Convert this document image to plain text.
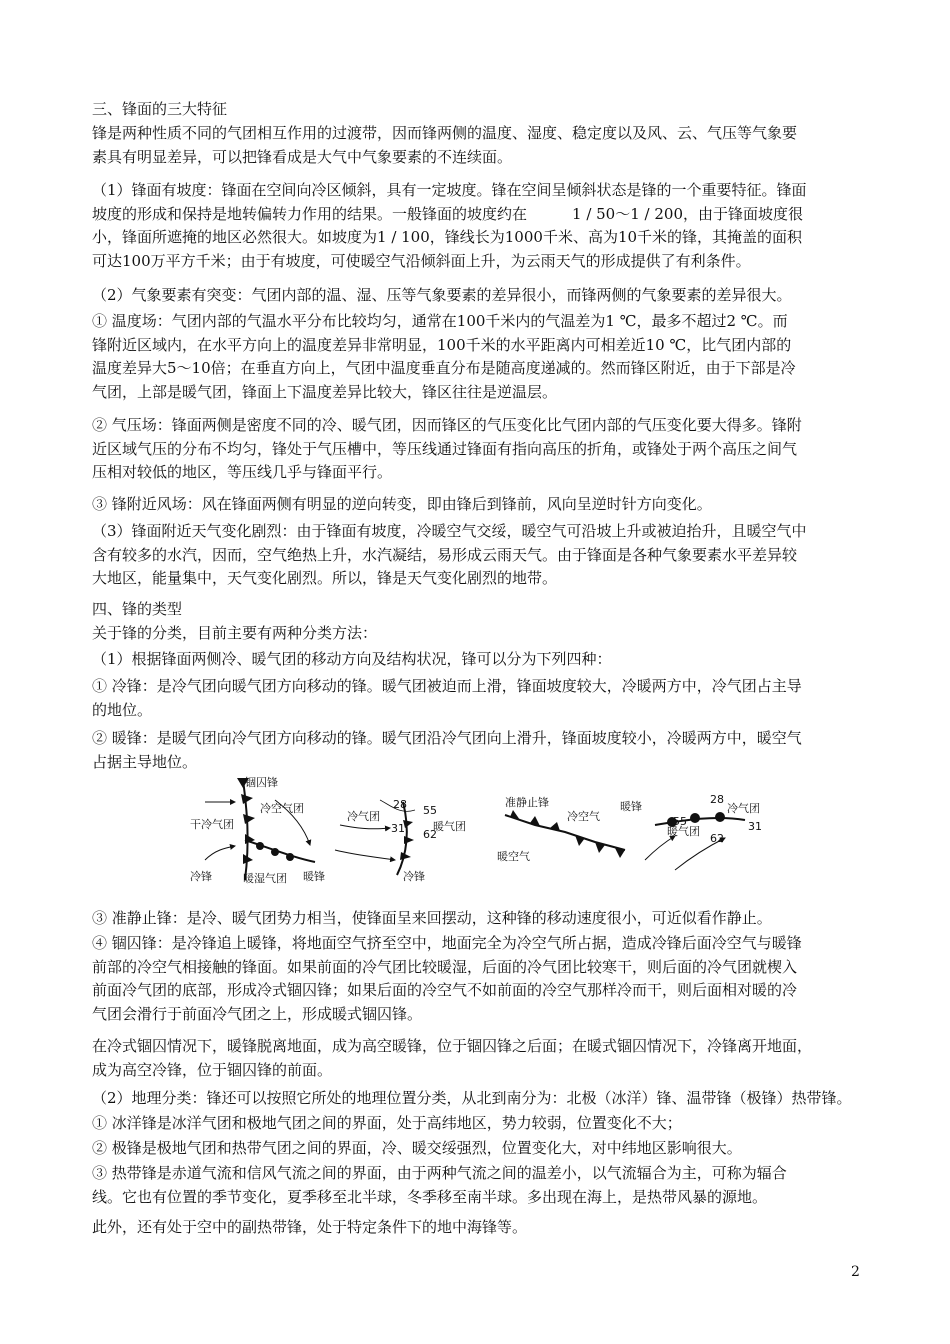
三、锋面的三大特征
锋是两种性质不同的气团相互作用的过渡带，因而锋两侧的温度、湿度、稳定度以及风、云、气压等气象要
素具有明显差异，可以把锋看成是大气中气象要素的不连续面。
（1）锋面有坡度：锋面在空间向冷区倾斜，具有一定坡度。锋在空间呈倾斜状态是锋的一个重要特征。锋面
坡度的形成和保持是地转偏转力作用的结果。一般锋面的坡度约在　　　1 / 50～1 / 200，由于锋面坡度很
小，锋面所遮掩的地区必然很大。如坡度为1 / 100，锋线长为1000千米、高为10千米的锋，其掩盖的面积
可达100万平方千米；由于有坡度，可使暖空气沿倾斜面上升，为云雨天气的形成提供了有利条件。
（2）气象要素有突变：气团内部的温、湿、压等气象要素的差异很小，而锋两侧的气象要素的差异很大。
① 温度场：气团内部的气温水平分布比较均匀，通常在100千米内的气温差为1 ℃，最多不超过2 ℃。而
锋附近区域内，在水平方向上的温度差异非常明显，100千米的水平距离内可相差近10 ℃，比气团内部的
温度差异大5～10倍；在垂直方向上，气团中温度垂直分布是随高度递减的。然而锋区附近，由于下部是冷
气团，上部是暖气团，锋面上下温度差异比较大，锋区往往是逆温层。
② 气压场：锋面两侧是密度不同的冷、暖气团，因而锋区的气压变化比气团内部的气压变化要大得多。锋附
近区域气压的分布不均匀，锋处于气压槽中，等压线通过锋面有指向高压的折角，或锋处于两个高压之间气
压相对较低的地区，等压线几乎与锋面平行。
③ 锋附近风场：风在锋面两侧有明显的逆向转变，即由锋后到锋前，风向呈逆时针方向变化。
（3）锋面附近天气变化剧烈：由于锋面有坡度，冷暖空气交绥，暖空气可沿坡上升或被迫抬升，且暖空气中
含有较多的水汽，因而，空气绝热上升，水汽凝结，易形成云雨天气。由于锋面是各种气象要素水平差异较
大地区，能量集中，天气变化剧烈。所以，锋是天气变化剧烈的地带。
四、锋的类型
关于锋的分类，目前主要有两种分类方法：
（1）根据锋面两侧冷、暖气团的移动方向及结构状况，锋可以分为下列四种：
① 冷锋：是冷气团向暖气团方向移动的锋。暖气团被迫而上滑，锋面坡度较大，冷暖两方中，冷气团占主导
的地位。
② 暖锋：是暖气团向冷气团方向移动的锋。暖气团沿冷气团向上滑升，锋面坡度较小，冷暖两方中，暖空气
占据主导地位。
锢囚锋
冷空气团
干冷气团
冷锋	暖湿气团 暖锋
冷气团
暖气团
冷锋
28 55
31 62
准静止锋
冷空气
暖空气
暖锋	冷气团
暖气团
28
55	31
62
③ 准静止锋：是冷、暖气团势力相当，使锋面呈来回摆动，这种锋的移动速度很小，可近似看作静止。
④ 锢囚锋：是冷锋追上暖锋，将地面空气挤至空中，地面完全为冷空气所占据，造成冷锋后面冷空气与暖锋
前部的冷空气相接触的锋面。如果前面的冷气团比较暖湿，后面的冷气团比较寒干，则后面的冷气团就楔入
前面冷气团的底部，形成冷式锢囚锋；如果后面的冷空气不如前面的冷空气那样冷而干，则后面相对暖的冷
气团会滑行于前面冷气团之上，形成暖式锢囚锋。
在冷式锢囚情况下，暖锋脱离地面，成为高空暖锋，位于锢囚锋之后面；在暖式锢囚情况下，冷锋离开地面，
成为高空冷锋，位于锢囚锋的前面。
（2）地理分类：锋还可以按照它所处的地理位置分类，从北到南分为：北极（冰洋）锋、温带锋（极锋）热带锋。
① 冰洋锋是冰洋气团和极地气团之间的界面，处于高纬地区，势力较弱，位置变化不大；
② 极锋是极地气团和热带气团之间的界面，冷、暖交绥强烈，位置变化大，对中纬地区影响很大。
③ 热带锋是赤道气流和信风气流之间的界面，由于两种气流之间的温差小，以气流辐合为主，可称为辐合
线。它也有位置的季节变化，夏季移至北半球，冬季移至南半球。多出现在海上，是热带风暴的源地。
此外，还有处于空中的副热带锋，处于特定条件下的地中海锋等。
2
